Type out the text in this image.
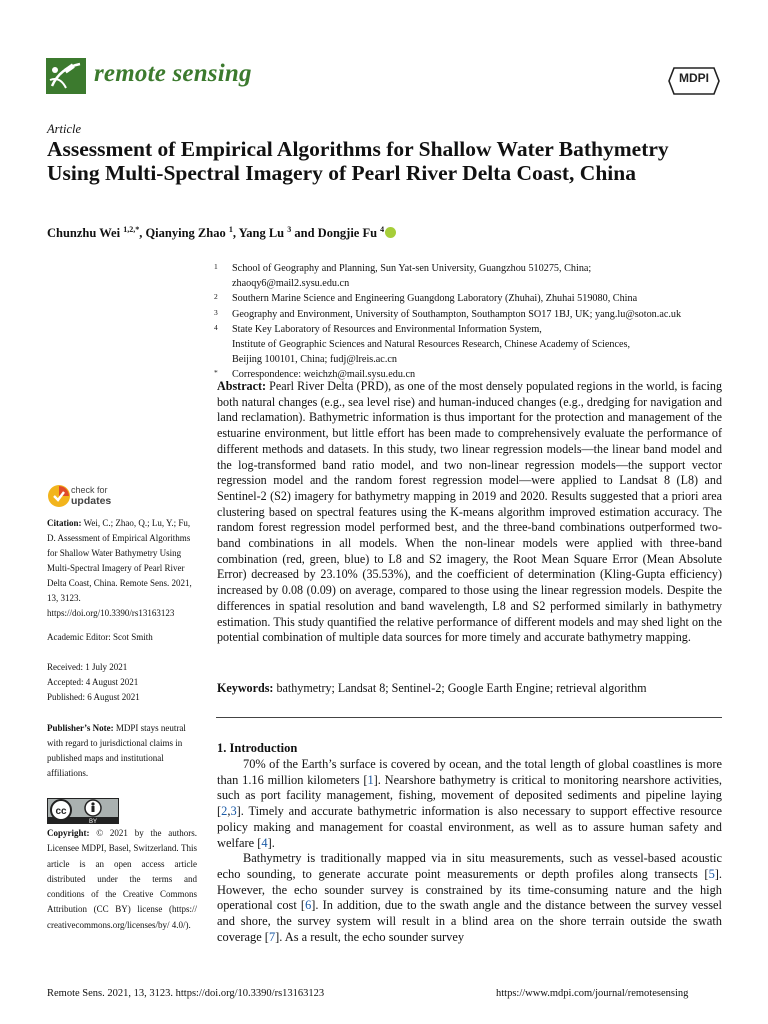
remote sensing	MDPI
Article
Assessment of Empirical Algorithms for Shallow Water Bathymetry Using Multi-Spectral Imagery of Pearl River Delta Coast, China
Chunzhu Wei $^{1,2,*}$, Qianying Zhao $^1$, Yang Lu $^3$ and Dongjie Fu $^4$
1 School of Geography and Planning, Sun Yat-sen University, Guangzhou 510275, China;
zhaoqy6@mail2.sysu.edu.cn
2 Southern Marine Science and Engineering Guangdong Laboratory (Zhuhai), Zhuhai 519080, China
3 Geography and Environment, University of Southampton, Southampton SO17 1BJ, UK; yang.lu@soton.ac.uk
4 State Key Laboratory of Resources and Environmental Information System,
Institute of Geographic Sciences and Natural Resources Research, Chinese Academy of Sciences,
Beijing 100101, China; fudj@lreis.ac.cn
* Correspondence: weichzh@mail.sysu.edu.cn
Abstract: Pearl River Delta (PRD), as one of the most densely populated regions in the world, is facing both natural changes (e.g., sea level rise) and human-induced changes (e.g., dredging for navigation and land reclamation). Bathymetric information is thus important for the protection and management of the estuarine environment, but little effort has been made to comprehensively evaluate the performance of different methods and datasets. In this study, two linear regression models—the linear band model and the log-transformed band ratio model, and two non-linear regression models—the support vector regression model and the random forest regression model—were applied to Landsat 8 (L8) and Sentinel-2 (S2) imagery for bathymetry mapping in 2019 and 2020. Results suggested that a priori area clustering based on spectral features using the K-means algorithm improved estimation accuracy. The random forest regression model performed best, and the three-band combinations outperformed two-band combinations in all models. When the non-linear models were applied with three-band combination (red, green, blue) to L8 and S2 imagery, the Root Mean Square Error (Mean Absolute Error) decreased by 23.10% (35.53%), and the coefficient of determination (Kling-Gupta efficiency) increased by 0.08 (0.09) on average, compared to those using the linear regression models. Despite the differences in spatial resolution and band wavelength, L8 and S2 performed similarly in bathymetry estimation. This study quantified the relative performance of different models and may shed light on the potential combination of multiple data sources for more timely and accurate bathymetry mapping.
Keywords: bathymetry; Landsat 8; Sentinel-2; Google Earth Engine; retrieval algorithm
check for
updates
Citation: Wei, C.; Zhao, Q.; Lu, Y.; Fu, D. Assessment of Empirical Algorithms for Shallow Water Bathymetry Using Multi-Spectral Imagery of Pearl River Delta Coast, China. Remote Sens. 2021, 13, 3123. https://doi.org/10.3390/rs13163123
Academic Editor: Scot Smith
Received: 1 July 2021
Accepted: 4 August 2021
Published: 6 August 2021
Publisher’s Note: MDPI stays neutral with regard to jurisdictional claims in published maps and institutional affiliations.
cc
BY
Copyright: © 2021 by the authors. Licensee MDPI, Basel, Switzerland. This article is an open access article distributed under the terms and conditions of the Creative Commons Attribution (CC BY) license (https:// creativecommons.org/licenses/by/ 4.0/).
1. Introduction

70% of the Earth’s surface is covered by ocean, and the total length of global coastlines is more than 1.16 million kilometers [1]. Nearshore bathymetry is critical to monitoring nearshore activities, such as port facility management, fishing, movement of deposited sediments and pipeline laying [2,3]. Timely and accurate bathymetric information is also necessary to support effective resource policy making and management for coastal environment, as well as to assure human safety and welfare [4].

Bathymetry is traditionally mapped via in situ measurements, such as vessel-based acoustic echo sounding, to generate accurate point measurements or depth profiles along transects [5]. However, the echo sounder survey is constrained by its time-consuming nature and the high operational cost [6]. In addition, due to the swath angle and the distance between the survey vessel and shore, the survey system will result in a blind area on the shore terrain outside the swath coverage [7]. As a result, the echo sounder survey

Remote Sens. 2021, 13, 3123. https://doi.org/10.3390/rs13163123	https://www.mdpi.com/journal/remotesensing
